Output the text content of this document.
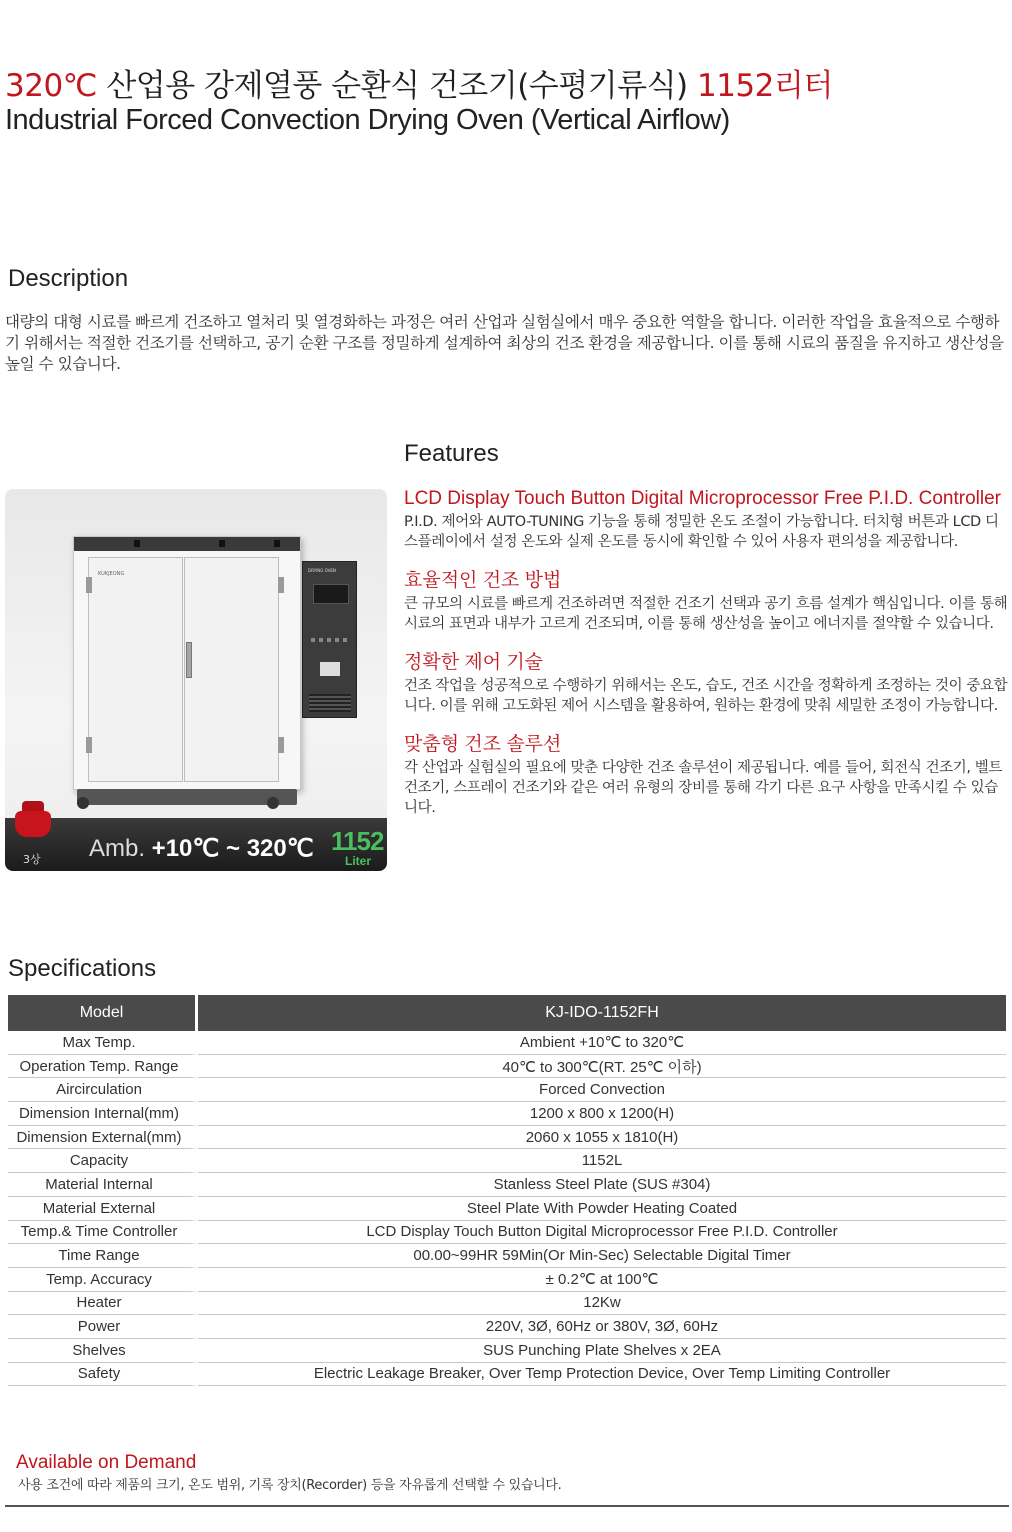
320℃ 산업용 강제열풍 순환식 건조기(수평기류식) 1152리터
Industrial Forced Convection Drying Oven (Vertical Airflow)
Description
대량의 대형 시료를 빠르게 건조하고 열처리 및 열경화하는 과정은 여러 산업과 실험실에서 매우 중요한 역할을 합니다. 이러한 작업을 효율적으로 수행하기 위해서는 적절한 건조기를 선택하고, 공기 순환 구조를 정밀하게 설계하여 최상의 건조 환경을 제공합니다. 이를 통해 시료의 품질을 유지하고 생산성을 높일 수 있습니다.
KUKJEONG
DRYING OVEN
3상 Amb. +10℃ ~ 320℃ 1152
Liter
Features
LCD Display Touch Button Digital Microprocessor Free P.I.D. Controller
P.I.D. 제어와 AUTO-TUNING 기능을 통해 정밀한 온도 조절이 가능합니다. 터치형 버튼과 LCD 디스플레이에서 설정 온도와 실제 온도를 동시에 확인할 수 있어 사용자 편의성을 제공합니다.
효율적인 건조 방법
큰 규모의 시료를 빠르게 건조하려면 적절한 건조기 선택과 공기 흐름 설계가 핵심입니다. 이를 통해 시료의 표면과 내부가 고르게 건조되며, 이를 통해 생산성을 높이고 에너지를 절약할 수 있습니다.
정확한 제어 기술
건조 작업을 성공적으로 수행하기 위해서는 온도, 습도, 건조 시간을 정확하게 조정하는 것이 중요합니다. 이를 위해 고도화된 제어 시스템을 활용하여, 원하는 환경에 맞춰 세밀한 조정이 가능합니다.
맞춤형 건조 솔루션
각 산업과 실험실의 필요에 맞춘 다양한 건조 솔루션이 제공됩니다. 예를 들어, 회전식 건조기, 벨트 건조기, 스프레이 건조기와 같은 여러 유형의 장비를 통해 각기 다른 요구 사항을 만족시킬 수 있습니다.
Specifications
Model	KJ-IDO-1152FH
Max Temp.	Ambient +10℃ to 320℃
Operation Temp. Range	40℃ to 300℃(RT. 25℃ 이하)
Aircirculation	Forced Convection
Dimension Internal(mm)	1200 x 800 x 1200(H)
Dimension External(mm)	2060 x 1055 x 1810(H)
Capacity	1152L
Material Internal	Stanless Steel Plate (SUS #304)
Material External	Steel Plate With Powder Heating Coated
Temp.& Time Controller	LCD Display Touch Button Digital Microprocessor Free P.I.D. Controller
Time Range	00.00~99HR 59Min(Or Min-Sec) Selectable Digital Timer
Temp. Accuracy	± 0.2℃ at 100℃
Heater	12Kw
Power	220V, 3Ø, 60Hz or 380V, 3Ø, 60Hz
Shelves	SUS Punching Plate Shelves x 2EA
Safety	Electric Leakage Breaker, Over Temp Protection Device, Over Temp Limiting Controller
Available on Demand
사용 조건에 따라 제품의 크기, 온도 범위, 기록 장치(Recorder) 등을 자유롭게 선택할 수 있습니다.
